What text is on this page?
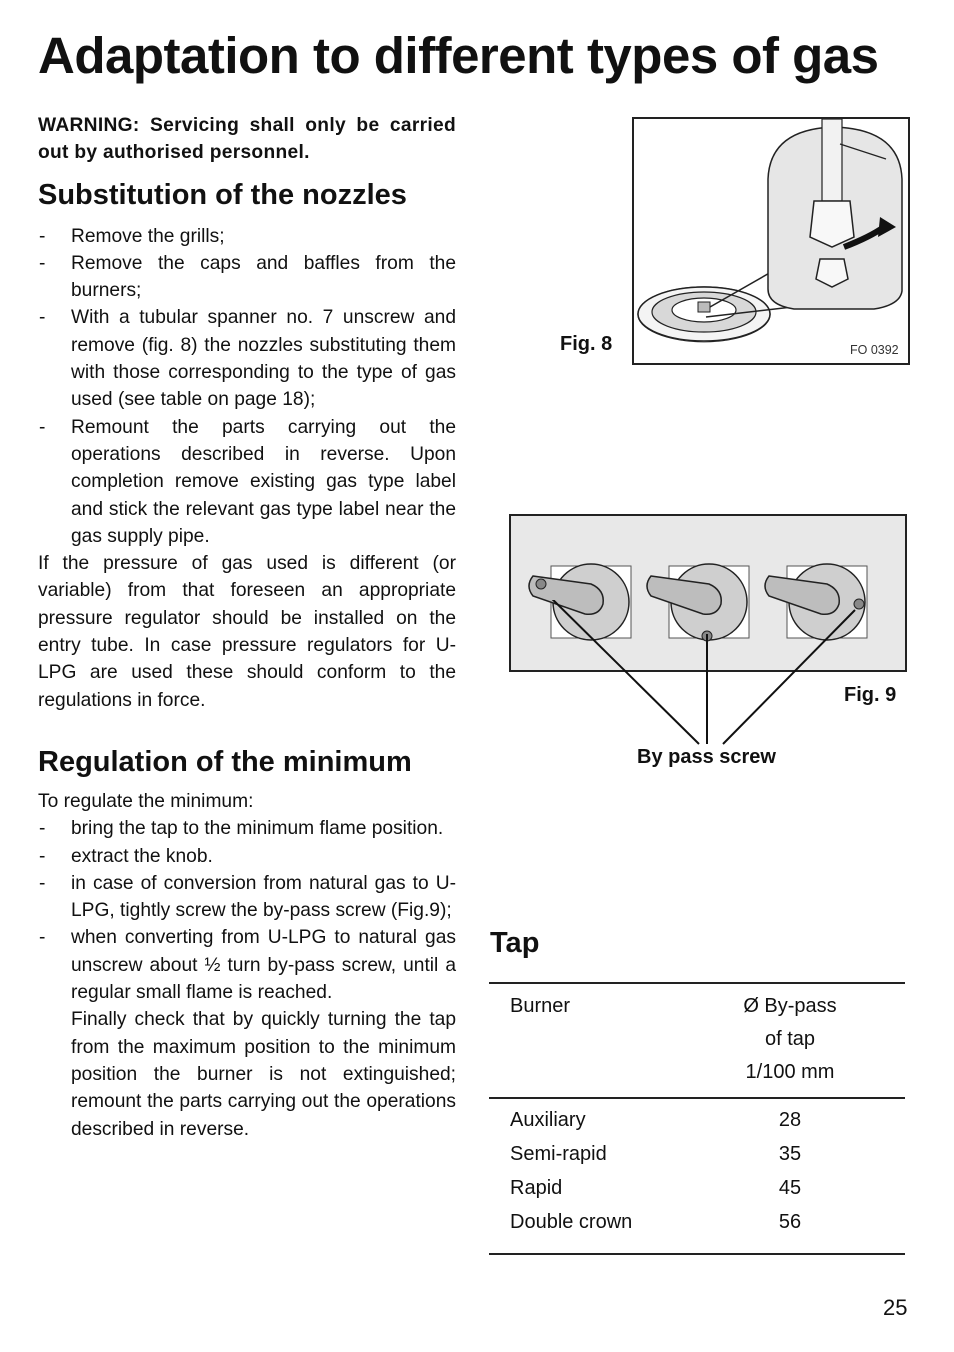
Adaptation to different types of gas

WARNING: Servicing shall only be carried out by authorised personnel.

Substitution of the nozzles
- Remove the grills;
- Remove the caps and baffles from the burners;
- With a tubular spanner no. 7 unscrew and remove (fig. 8) the nozzles substituting them with those corresponding to the type of gas used (see table on page 18);
- Remount the parts carrying out the operations described in reverse. Upon completion remove existing gas type label and stick the relevant gas type label near the gas supply pipe.

If the pressure of gas used is different (or variable) from that foreseen an appropriate pressure regulator should be installed on the entry tube. In case pressure regulators for U-LPG are used these should conform to the regulations in force.

Regulation of the minimum

To regulate the minimum:

- bring the tap to the minimum flame position.
- extract the knob.
- in case of conversion from natural gas to U-LPG, tightly screw the by-pass screw (Fig.9);
- when converting from U-LPG to natural gas unscrew about ½ turn by-pass screw, until a regular small flame is reached.

Finally check that by quickly turning the tap from the maximum position to the minimum position the burner is not extinguished; remount the parts carrying out the operations described in reverse.

Fig. 8	FO 0392
Fig. 9
By pass screw
Tap
Burner	Ø By-pass
of tap
1/100 mm	

Auxiliary	28	
Semi-rapid	35	
Rapid	45	
Double crown	56	
25
